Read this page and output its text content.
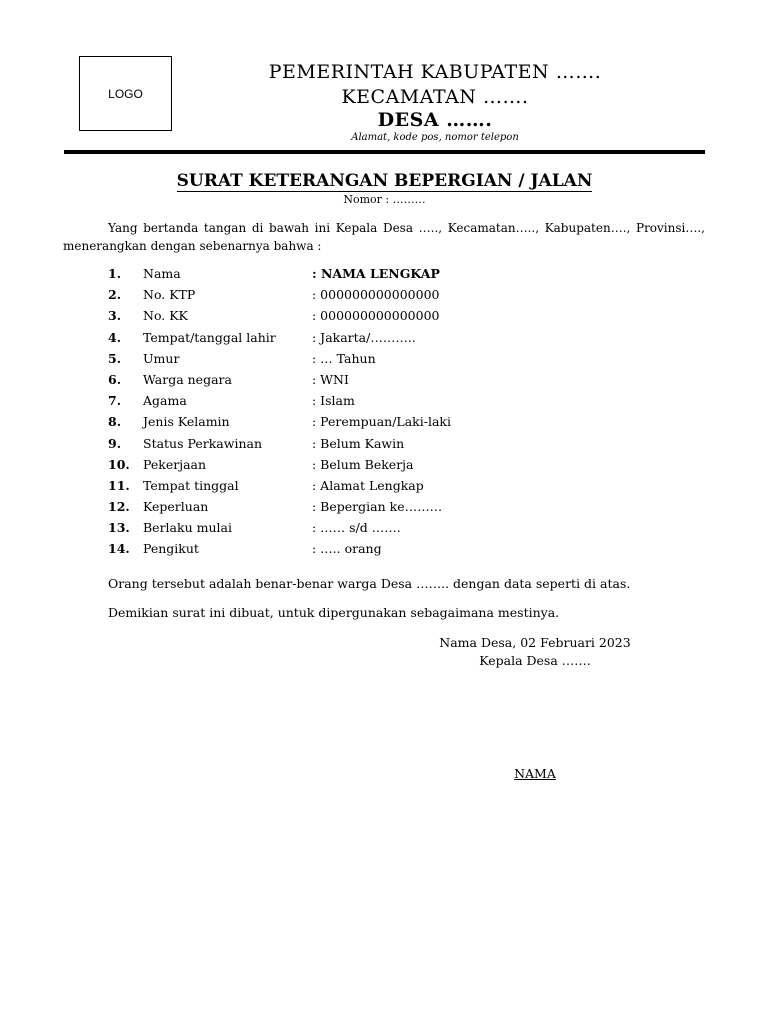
LOGO
PEMERINTAH KABUPATEN …….
KECAMATAN …….
DESA …….
Alamat, kode pos, nomor telepon
SURAT KETERANGAN BEPERGIAN / JALAN
Nomor : ………
Yang bertanda tangan di bawah ini Kepala Desa ….., Kecamatan….., Kabupaten…., Provinsi…., menerangkan dengan sebenarnya bahwa :
1. Nama	: NAMA LENGKAP
2. No. KTP	: 000000000000000
3. No. KK	: 000000000000000
4. Tempat/tanggal lahir	: Jakarta/………..
5. Umur	: … Tahun
6. Warga negara	: WNI
7. Agama	: Islam
8. Jenis Kelamin	: Perempuan/Laki-laki
9. Status Perkawinan	: Belum Kawin
10. Pekerjaan	: Belum Bekerja
11. Tempat tinggal	: Alamat Lengkap
12. Keperluan	: Bepergian ke………
13. Berlaku mulai	: …… s/d …….
14. Pengikut	: ….. orang
Orang tersebut adalah benar-benar warga Desa …….. dengan data seperti di atas.
Demikian surat ini dibuat, untuk dipergunakan sebagaimana mestinya.
Nama Desa, 02 Februari 2023
Kepala Desa …….
NAMA
